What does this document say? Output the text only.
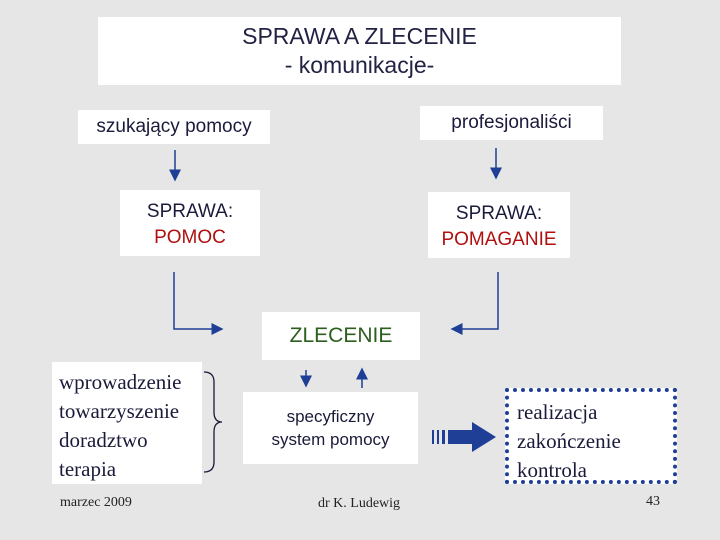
SPRAWA A ZLECENIE
- komunikacje-
szukający pomocy	profesjonaliści
SPRAWA:
POMOC
SPRAWA:
POMAGANIE
ZLECENIE
wprowadzenie
towarzyszenie
doradztwo
terapia
specyficzny
system pomocy
realizacja
zakończenie
kontrola
marzec 2009	dr K. Ludewig	43
